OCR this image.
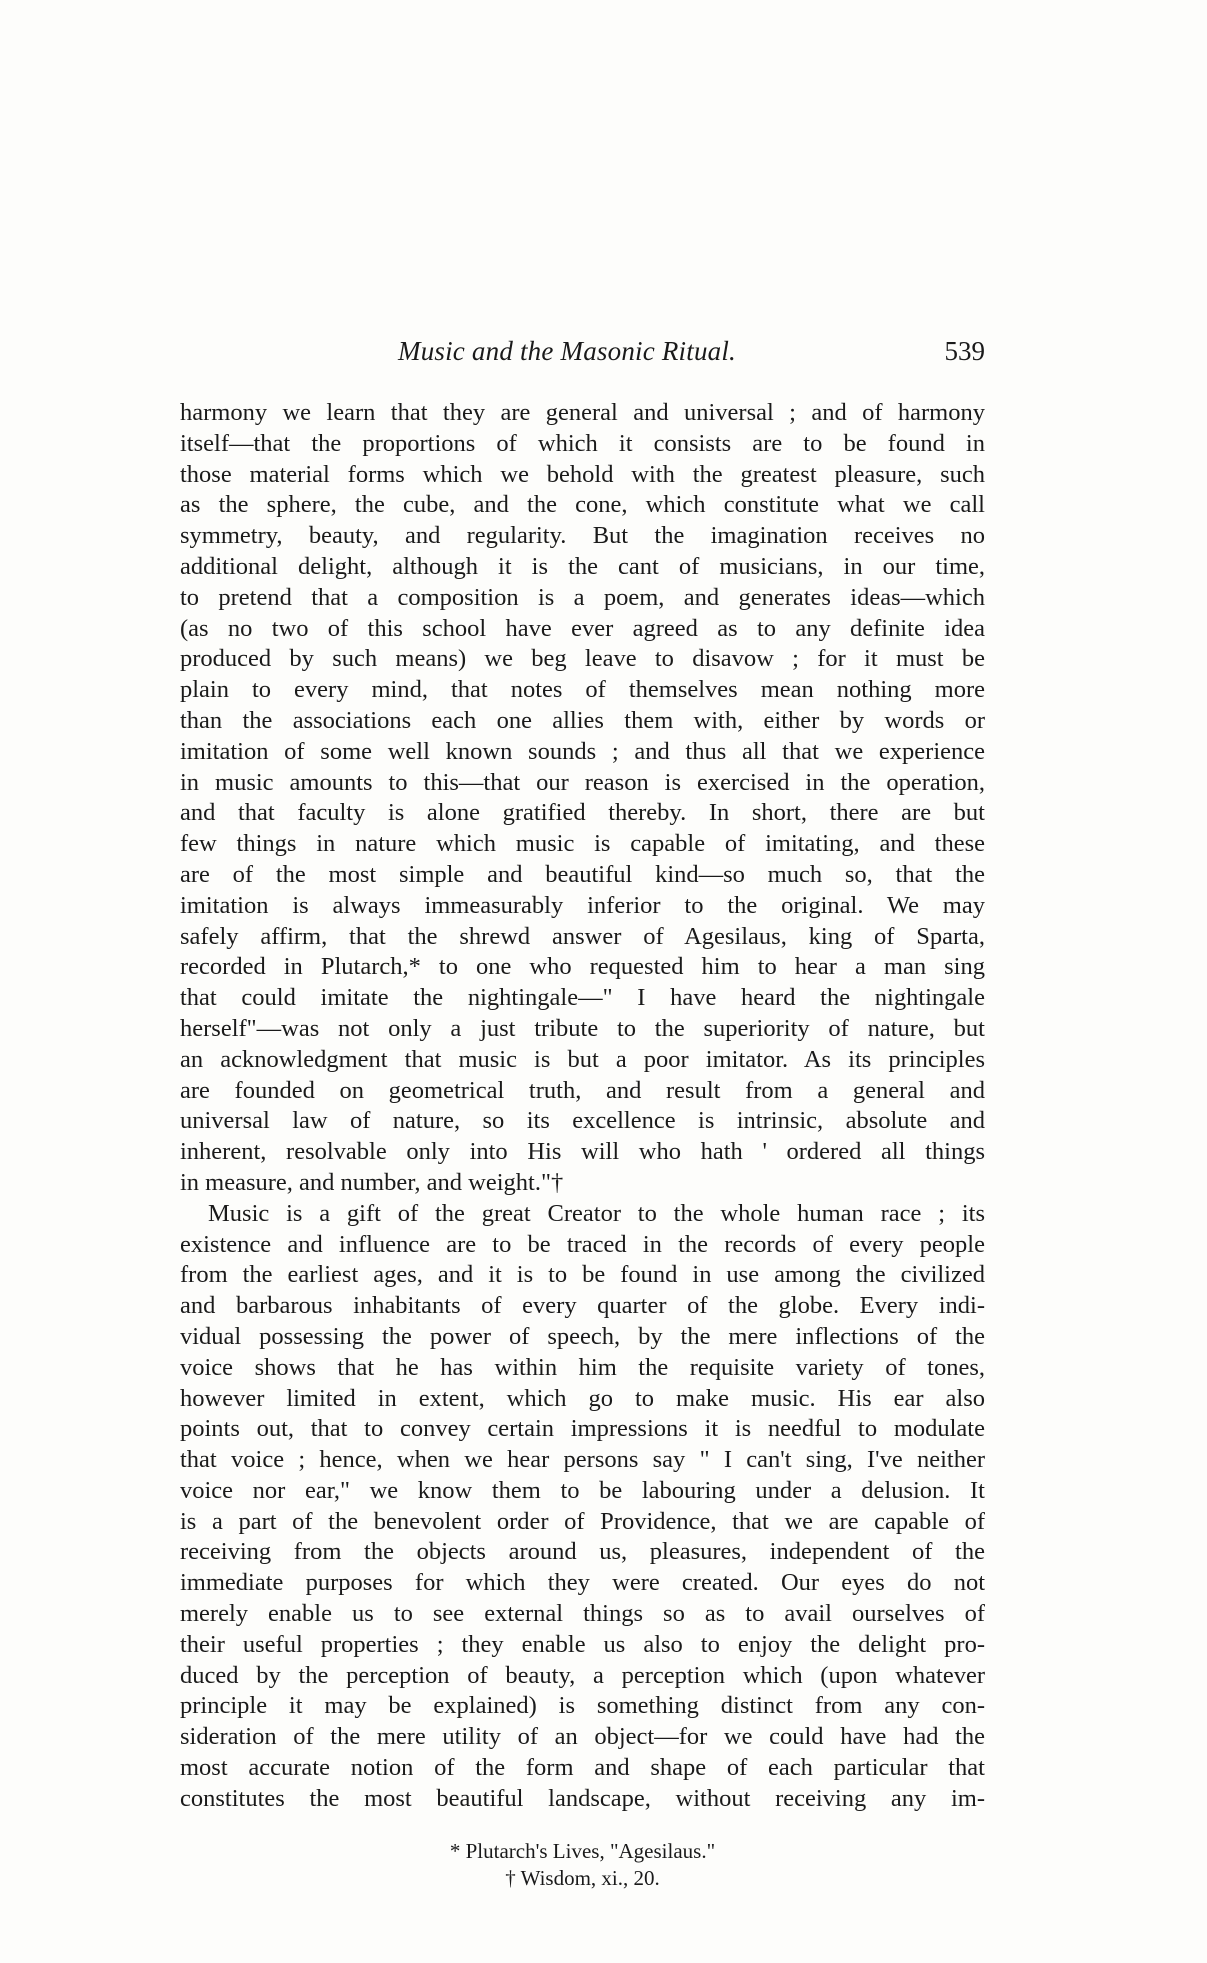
Music and the Masonic Ritual.	539
harmony we learn that they are general and universal ; and of harmony
itself—that the proportions of which it consists are to be found in
those material forms which we behold with the greatest pleasure, such
as the sphere, the cube, and the cone, which constitute what we call
symmetry, beauty, and regularity. But the imagination receives no
additional delight, although it is the cant of musicians, in our time,
to pretend that a composition is a poem, and generates ideas—which
(as no two of this school have ever agreed as to any definite idea
produced by such means) we beg leave to disavow ; for it must be
plain to every mind, that notes of themselves mean nothing more
than the associations each one allies them with, either by words or
imitation of some well known sounds ; and thus all that we experience
in music amounts to this—that our reason is exercised in the operation,
and that faculty is alone gratified thereby. In short, there are but
few things in nature which music is capable of imitating, and these
are of the most simple and beautiful kind—so much so, that the
imitation is always immeasurably inferior to the original. We may
safely affirm, that the shrewd answer of Agesilaus, king of Sparta,
recorded in Plutarch,* to one who requested him to hear a man sing
that could imitate the nightingale—" I have heard the nightingale
herself"—was not only a just tribute to the superiority of nature, but
an acknowledgment that music is but a poor imitator. As its principles
are founded on geometrical truth, and result from a general and
universal law of nature, so its excellence is intrinsic, absolute and
inherent, resolvable only into His will who hath ' ordered all things
in measure, and number, and weight."†
Music is a gift of the great Creator to the whole human race ; its
existence and influence are to be traced in the records of every people
from the earliest ages, and it is to be found in use among the civilized
and barbarous inhabitants of every quarter of the globe. Every indi-
vidual possessing the power of speech, by the mere inflections of the
voice shows that he has within him the requisite variety of tones,
however limited in extent, which go to make music. His ear also
points out, that to convey certain impressions it is needful to modulate
that voice ; hence, when we hear persons say " I can't sing, I've neither
voice nor ear," we know them to be labouring under a delusion. It
is a part of the benevolent order of Providence, that we are capable of
receiving from the objects around us, pleasures, independent of the
immediate purposes for which they were created. Our eyes do not
merely enable us to see external things so as to avail ourselves of
their useful properties ; they enable us also to enjoy the delight pro-
duced by the perception of beauty, a perception which (upon whatever
principle it may be explained) is something distinct from any con-
sideration of the mere utility of an object—for we could have had the
most accurate notion of the form and shape of each particular that
constitutes the most beautiful landscape, without receiving any im-
* Plutarch's Lives, "Agesilaus."
† Wisdom, xi., 20.
